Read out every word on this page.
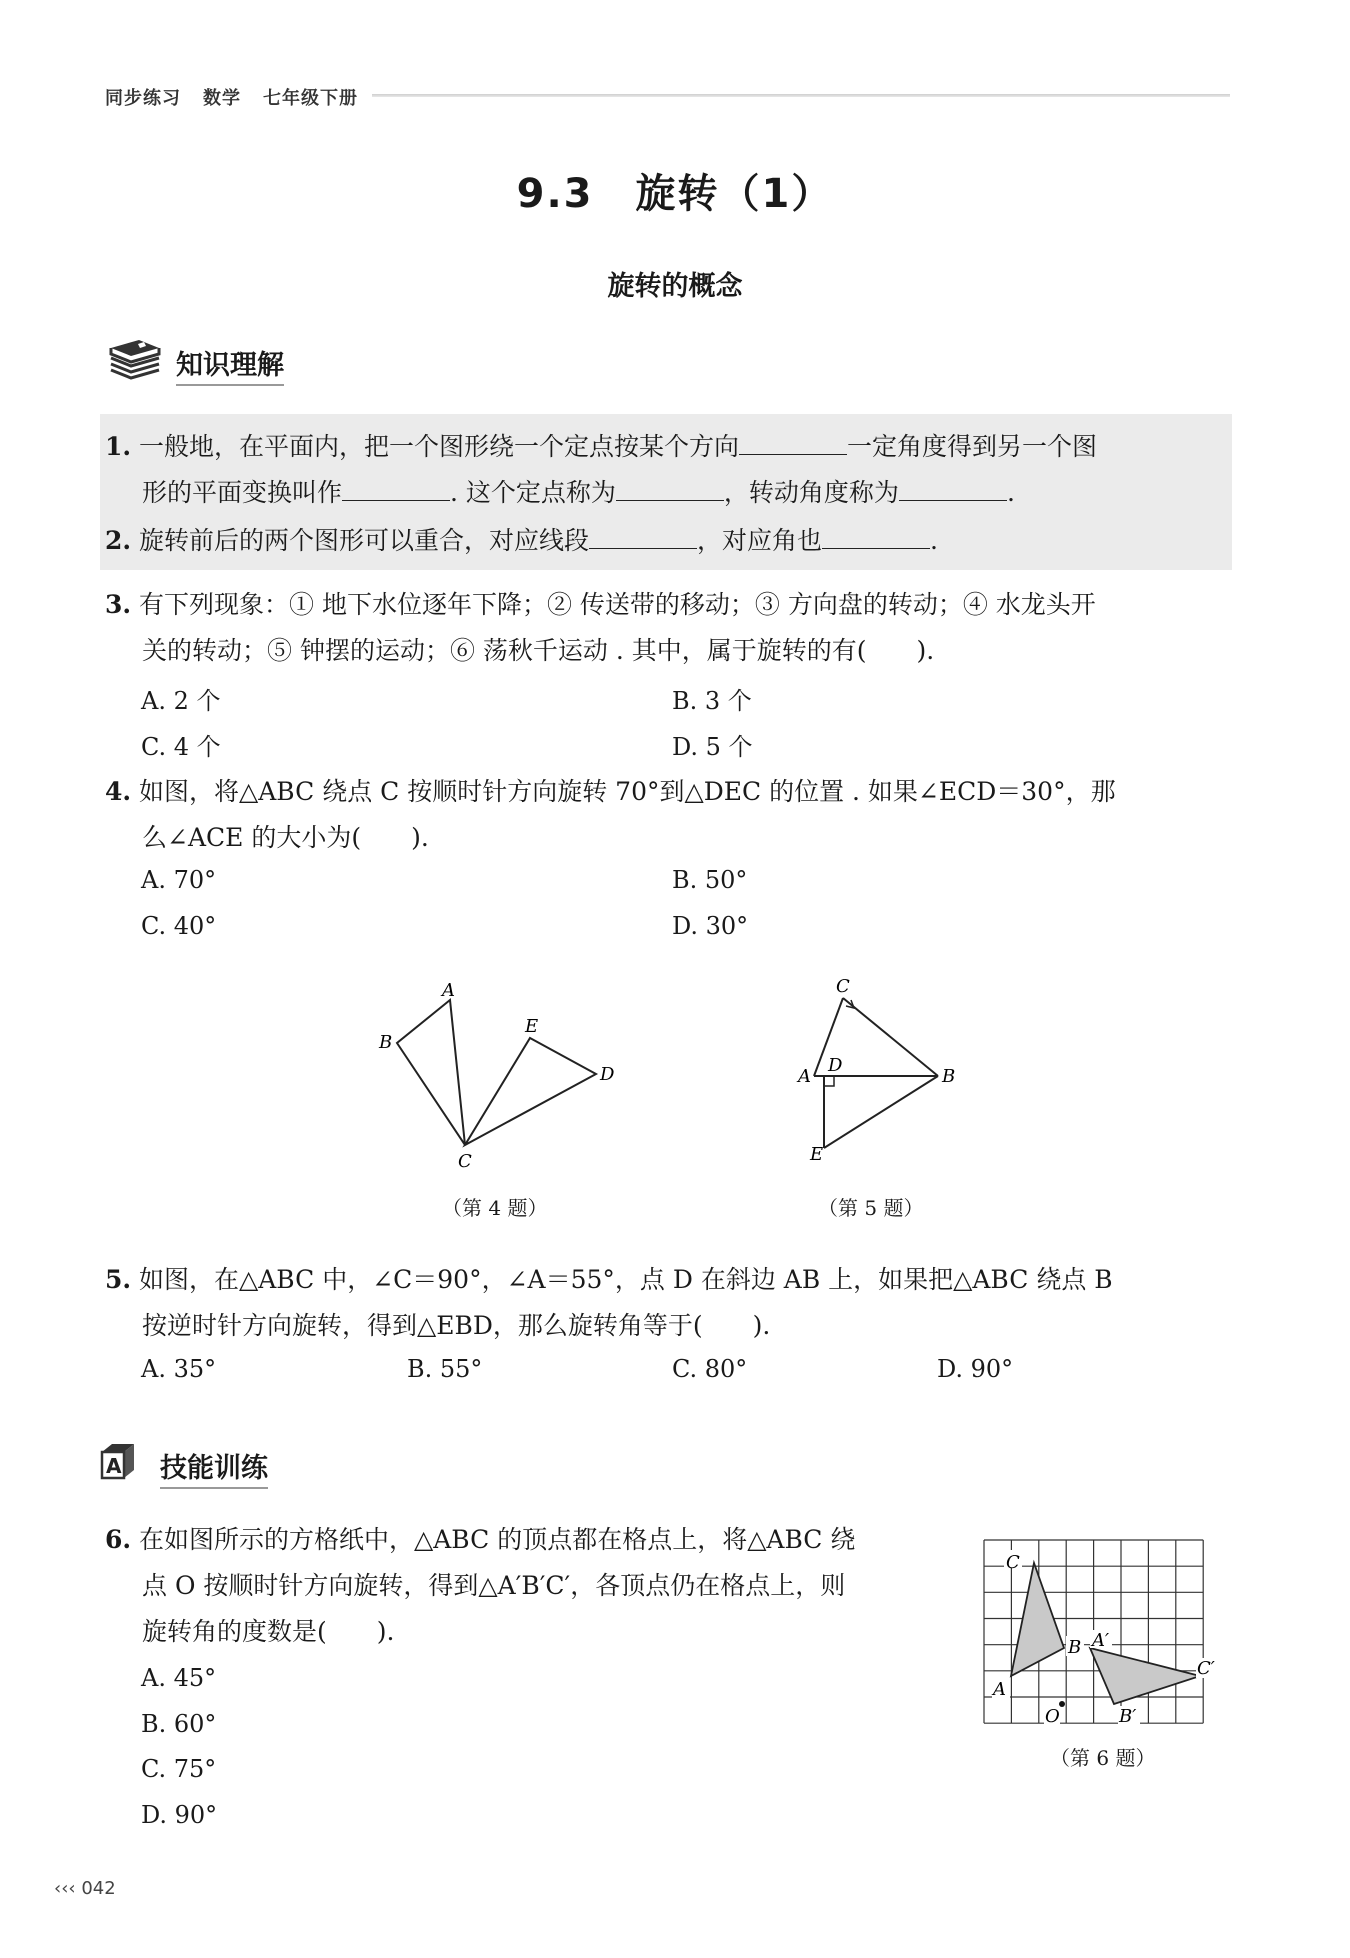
同步练习 数学 七年级下册
9.3　旋转（1）
旋转的概念
知识理解
1. 一般地，在平面内，把一个图形绕一个定点按某个方向	一定角度得到另一个图
形的平面变换叫作	. 这个定点称为	，转动角度称为	.
2. 旋转前后的两个图形可以重合，对应线段	，对应角也	.
3. 有下列现象：① 地下水位逐年下降；② 传送带的移动；③ 方向盘的转动；④ 水龙头开
关的转动；⑤ 钟摆的运动；⑥ 荡秋千运动 . 其中，属于旋转的有(　　).
A. 2 个	B. 3 个
C. 4 个	D. 5 个
4. 如图，将△ABC 绕点 C 按顺时针方向旋转 70°到△DEC 的位置 . 如果∠ECD＝30°，那
么∠ACE 的大小为(　　).
A. 70°	B. 50°
C. 40°	D. 30°
A
B
C
D
E
（第 4 题）
C
A
D
B
E
（第 5 题）
5. 如图，在△ABC 中，∠C＝90°，∠A＝55°，点 D 在斜边 AB 上，如果把△ABC 绕点 B
按逆时针方向旋转，得到△EBD，那么旋转角等于(　　).
A. 35°	B. 55°	C. 80°	D. 90°
A 技能训练
6. 在如图所示的方格纸中，△ABC 的顶点都在格点上，将△ABC 绕
点 O 按顺时针方向旋转，得到△A′B′C′，各顶点仍在格点上，则
旋转角的度数是(　　).
A. 45°
B. 60°
C. 75°
D. 90°
C
B
A
O
A′
C′
B′
（第 6 题）
‹‹‹ 042
